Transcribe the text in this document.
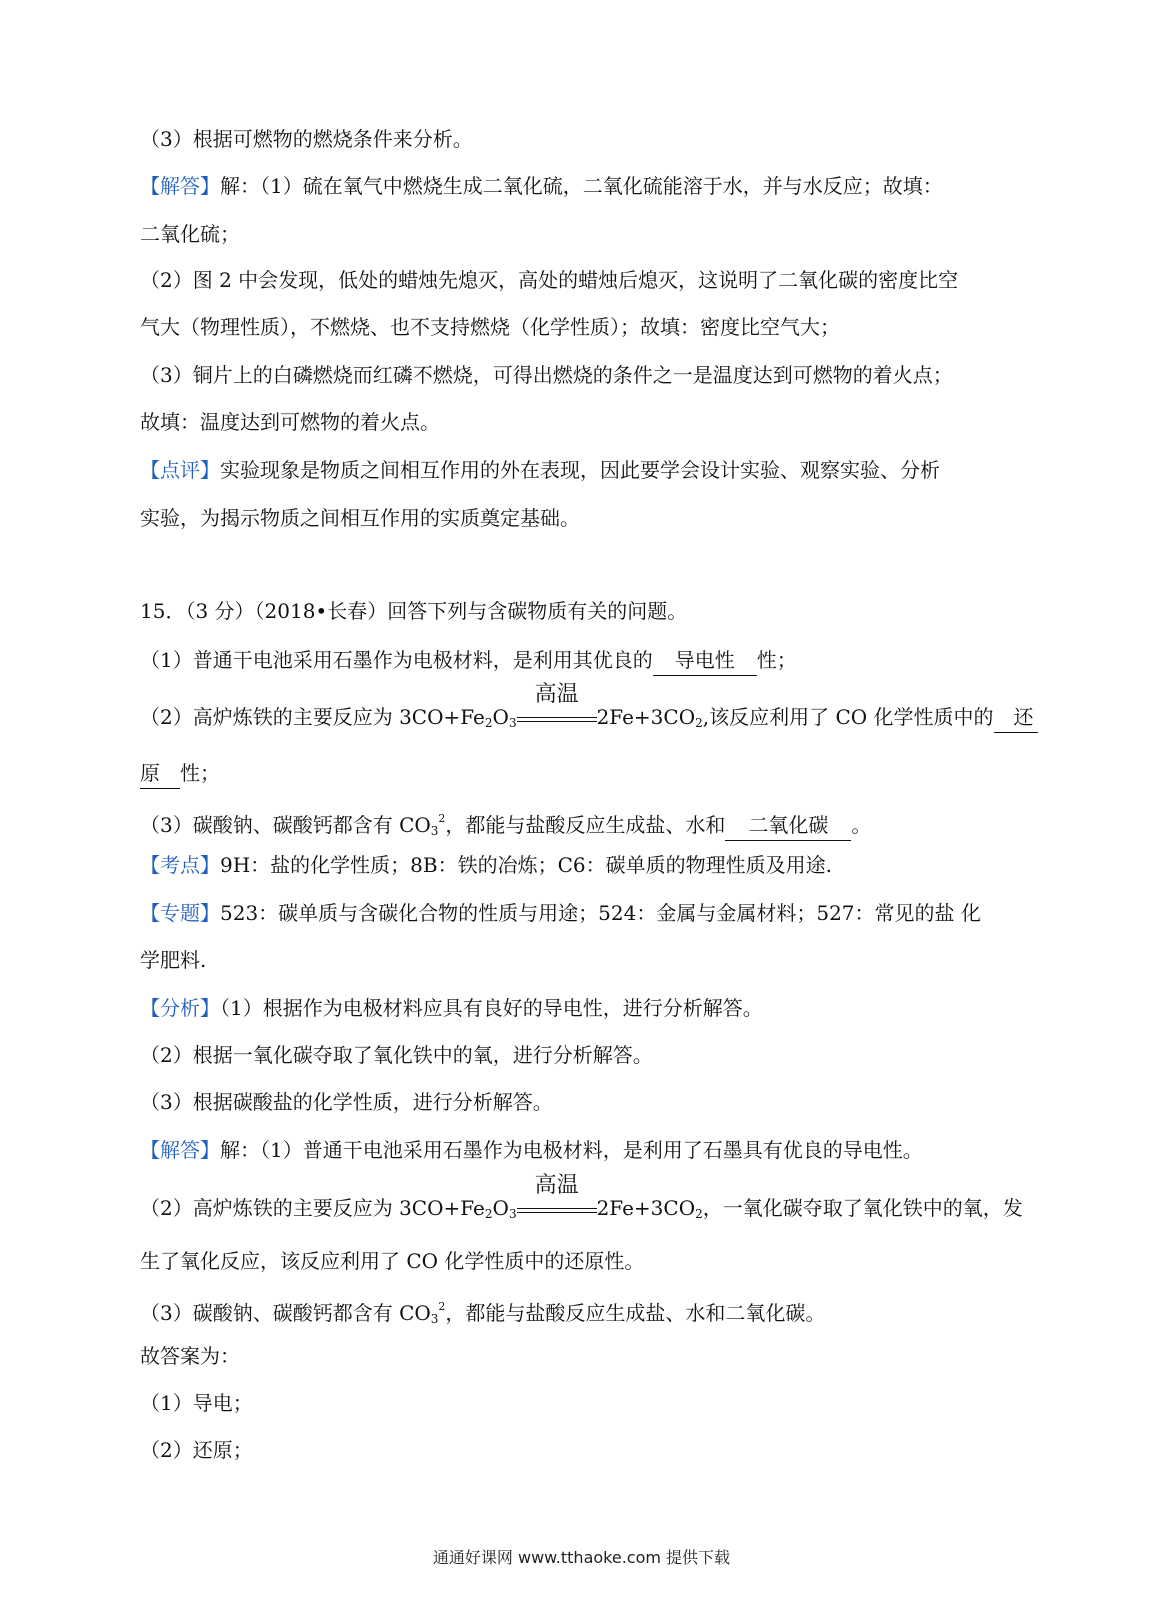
（3）根据可燃物的燃烧条件来分析。
【解答】解：（1）硫在氧气中燃烧生成二氧化硫，二氧化硫能溶于水，并与水反应；故填：
二氧化硫；
（2）图 2 中会发现，低处的蜡烛先熄灭，高处的蜡烛后熄灭，这说明了二氧化碳的密度比空
气大（物理性质），不燃烧、也不支持燃烧（化学性质）；故填：密度比空气大；
（3）铜片上的白磷燃烧而红磷不燃烧，可得出燃烧的条件之一是温度达到可燃物的着火点；
故填：温度达到可燃物的着火点。
【点评】实验现象是物质之间相互作用的外在表现，因此要学会设计实验、观察实验、分析
实验，为揭示物质之间相互作用的实质奠定基础。
15．（3 分）（2018•长春）回答下列与含碳物质有关的问题。
（1）普通干电池采用石墨作为电极材料，是利用其优良的 导电性 性；
（2）高炉炼铁的主要反应为 $3CO+Fe_2O_3$
高温
$2Fe+3CO_2$,该反应利用了 CO 化学性质中的 还
原 性；
（3）碳酸钠、碳酸钙都含有 $CO_3^2$，都能与盐酸反应生成盐、水和 二氧化碳 。
【考点】9H：盐的化学性质；8B：铁的冶炼；C6：碳单质的物理性质及用途.
【专题】523：碳单质与含碳化合物的性质与用途；524：金属与金属材料；527：常见的盐 化
学肥料.
【分析】（1）根据作为电极材料应具有良好的导电性，进行分析解答。
（2）根据一氧化碳夺取了氧化铁中的氧，进行分析解答。
（3）根据碳酸盐的化学性质，进行分析解答。
【解答】解：（1）普通干电池采用石墨作为电极材料，是利用了石墨具有优良的导电性。
（2）高炉炼铁的主要反应为 $3CO+Fe_2O_3$
高温
$2Fe+3CO_2$，一氧化碳夺取了氧化铁中的氧，发
生了氧化反应，该反应利用了 CO 化学性质中的还原性。
（3）碳酸钠、碳酸钙都含有 $CO_3^2$，都能与盐酸反应生成盐、水和二氧化碳。
故答案为：
（1）导电；
（2）还原；
通通好课网 www.tthaoke.com 提供下载
